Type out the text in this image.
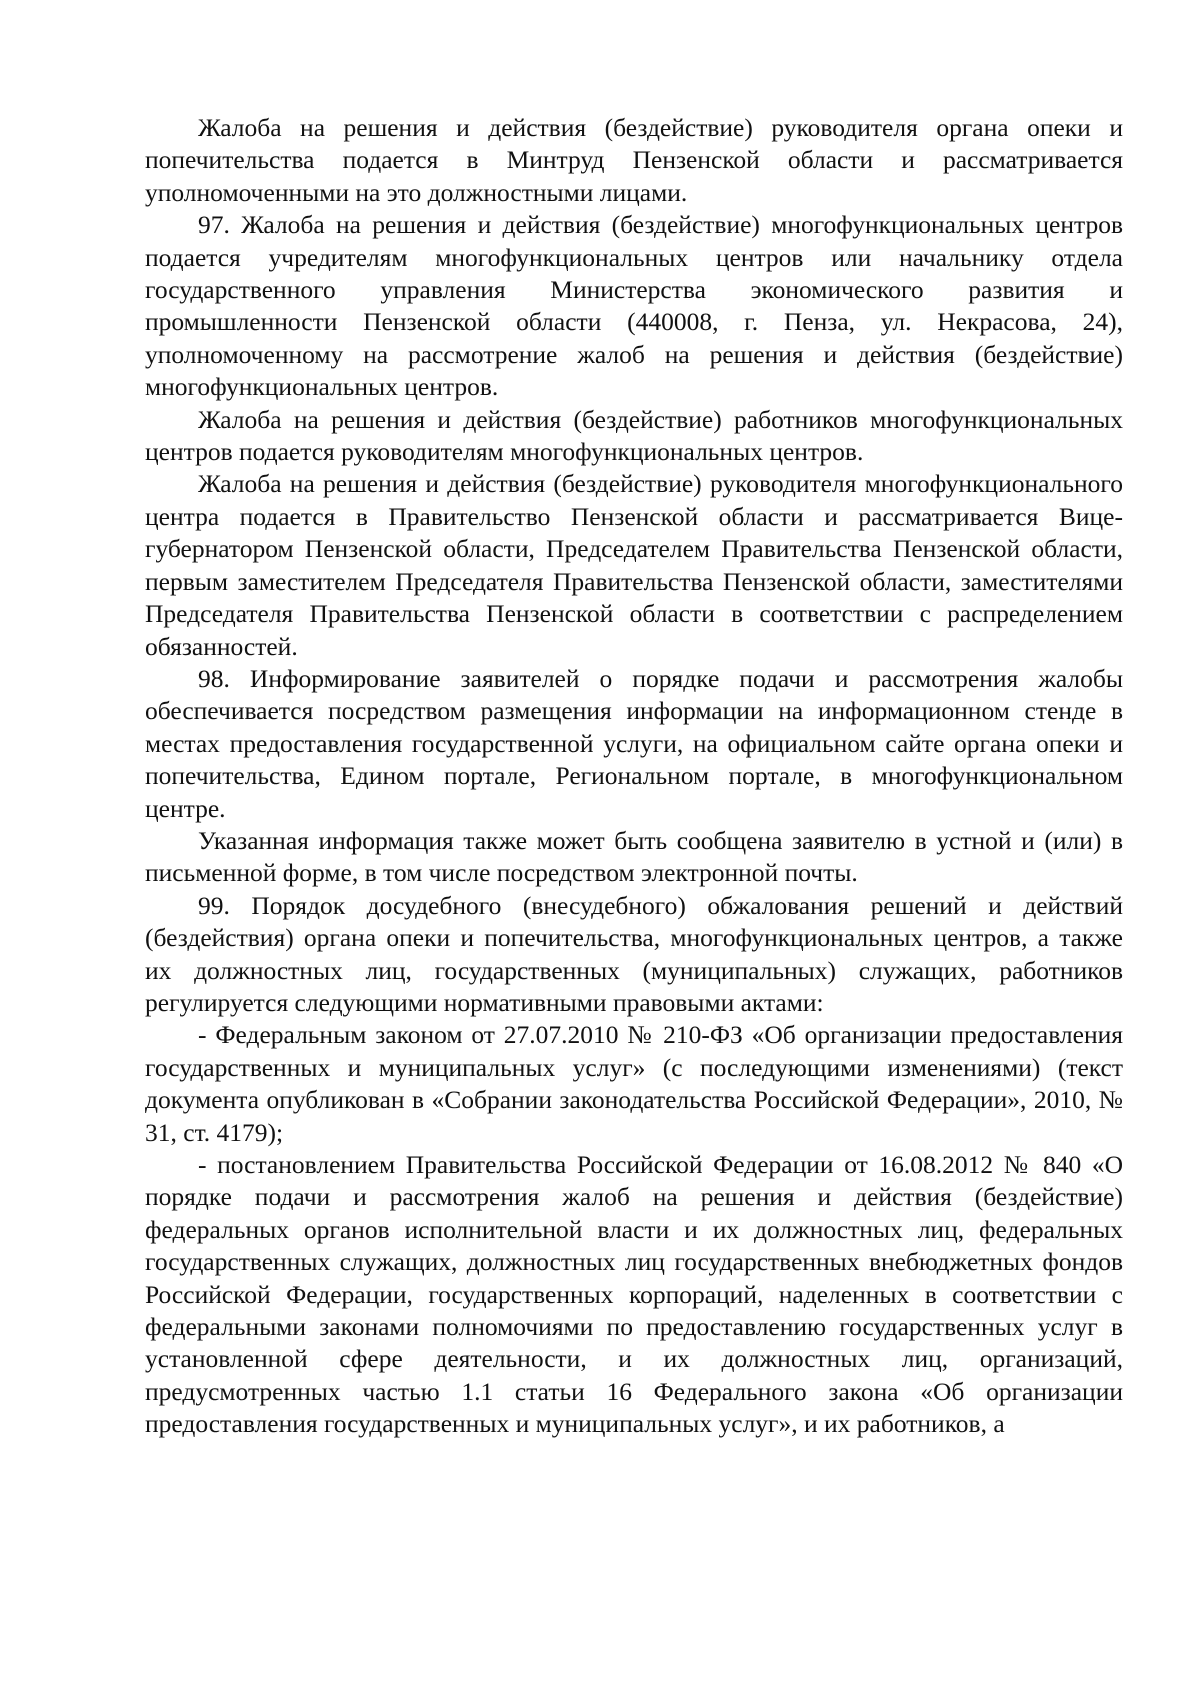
Жалоба на решения и действия (бездействие) руководителя органа опеки и попечительства подается в Минтруд Пензенской области и рассматривается уполномоченными на это должностными лицами.

97. Жалоба на решения и действия (бездействие) многофункциональных центров подается учредителям многофункциональных центров или начальнику отдела государственного управления Министерства экономического развития и промышленности Пензенской области (440008, г. Пенза, ул. Некрасова, 24), уполномоченному на рассмотрение жалоб на решения и действия (бездействие) многофункциональных центров.

Жалоба на решения и действия (бездействие) работников многофункциональных центров подается руководителям многофункциональных центров.

Жалоба на решения и действия (бездействие) руководителя многофункционального центра подается в Правительство Пензенской области и рассматривается Вице-губернатором Пензенской области, Председателем Правительства Пензенской области, первым заместителем Председателя Правительства Пензенской области, заместителями Председателя Правительства Пензенской области в соответствии с распределением обязанностей.

98. Информирование заявителей о порядке подачи и рассмотрения жалобы обеспечивается посредством размещения информации на информационном стенде в местах предоставления государственной услуги, на официальном сайте органа опеки и попечительства, Едином портале, Региональном портале, в многофункциональном центре.

Указанная информация также может быть сообщена заявителю в устной и (или) в письменной форме, в том числе посредством электронной почты.

99. Порядок досудебного (внесудебного) обжалования решений и действий (бездействия) органа опеки и попечительства, многофункциональных центров, а также их должностных лиц, государственных (муниципальных) служащих, работников регулируется следующими нормативными правовыми актами:

- Федеральным законом от 27.07.2010 № 210-ФЗ «Об организации предоставления государственных и муниципальных услуг» (с последующими изменениями) (текст документа опубликован в «Собрании законодательства Российской Федерации», 2010, № 31, ст. 4179);

- постановлением Правительства Российской Федерации от 16.08.2012 № 840 «О порядке подачи и рассмотрения жалоб на решения и действия (бездействие) федеральных органов исполнительной власти и их должностных лиц, федеральных государственных служащих, должностных лиц государственных внебюджетных фондов Российской Федерации, государственных корпораций, наделенных в соответствии с федеральными законами полномочиями по предоставлению государственных услуг в установленной сфере деятельности, и их должностных лиц, организаций, предусмотренных частью 1.1 статьи 16 Федерального закона «Об организации предоставления государственных и муниципальных услуг», и их работников, а
